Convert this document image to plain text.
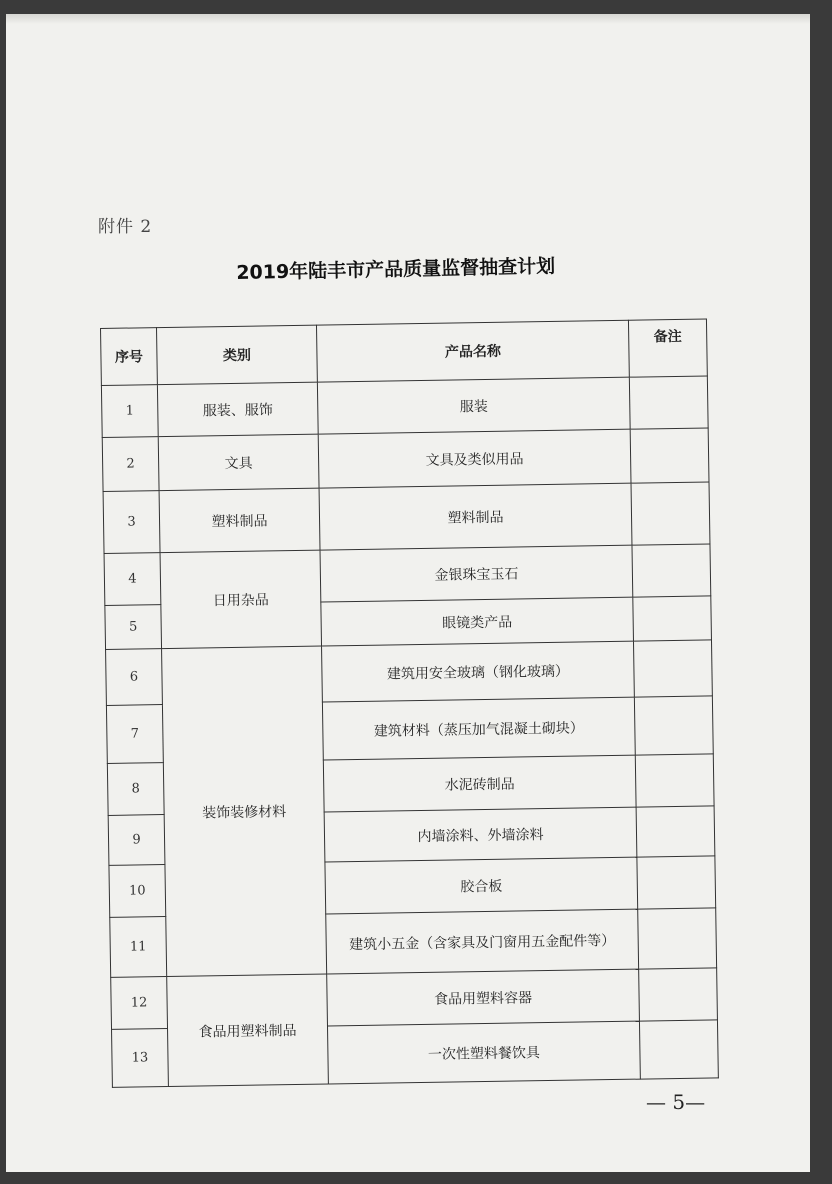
附件 2
2019年陆丰市产品质量监督抽查计划
序号	类别	产品名称	备注
1	服装、服饰	服装	
2	文具	文具及类似用品	
3	塑料制品	塑料制品	
4	日用杂品	金银珠宝玉石	
5		眼镜类产品	
6	装饰装修材料	建筑用安全玻璃（钢化玻璃）	
7		建筑材料（蒸压加气混凝土砌块）	
8		水泥砖制品	
9		内墙涂料、外墙涂料	
10		胶合板	
11		建筑小五金（含家具及门窗用五金配件等）	
12	食品用塑料制品	食品用塑料容器	
13		一次性塑料餐饮具	
— 5—
